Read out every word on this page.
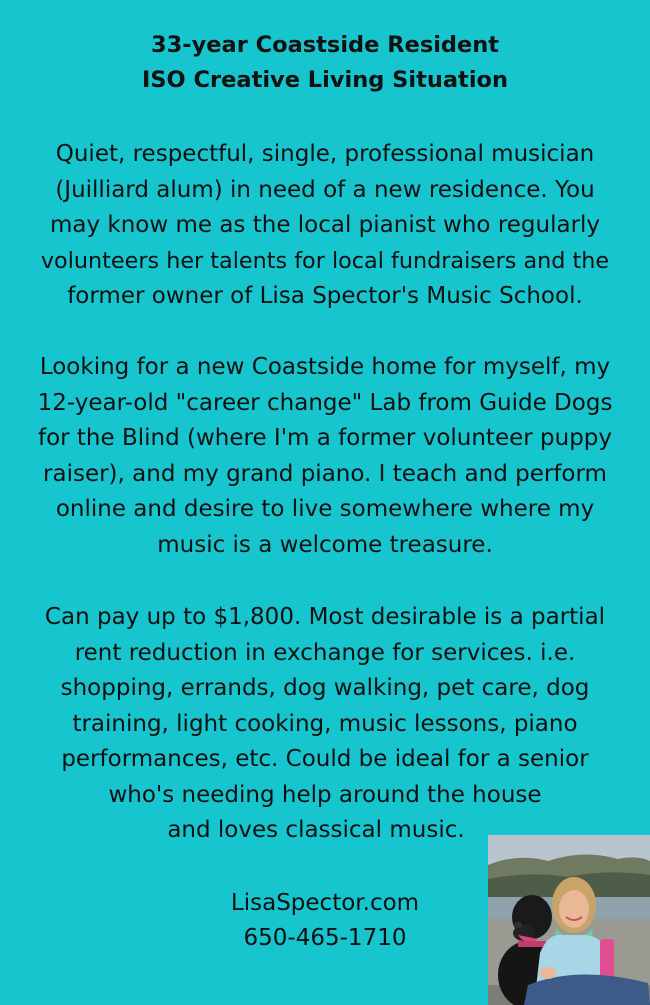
33-year Coastside Resident
ISO Creative Living Situation
Quiet, respectful, single, professional musician
(Juilliard alum) in need of a new residence. You
may know me as the local pianist who regularly
volunteers her talents for local fundraisers and the
former owner of Lisa Spector's Music School.
Looking for a new Coastside home for myself, my
12-year-old "career change" Lab from Guide Dogs
for the Blind (where I'm a former volunteer puppy
raiser), and my grand piano. I teach and perform
online and desire to live somewhere where my
music is a welcome treasure.
Can pay up to $1,800. Most desirable is a partial
rent reduction in exchange for services. i.e.
shopping, errands, dog walking, pet care, dog
training, light cooking, music lessons, piano
performances, etc. Could be ideal for a senior
who's needing help around the house
and loves classical music.
LisaSpector.com
650-465-1710
